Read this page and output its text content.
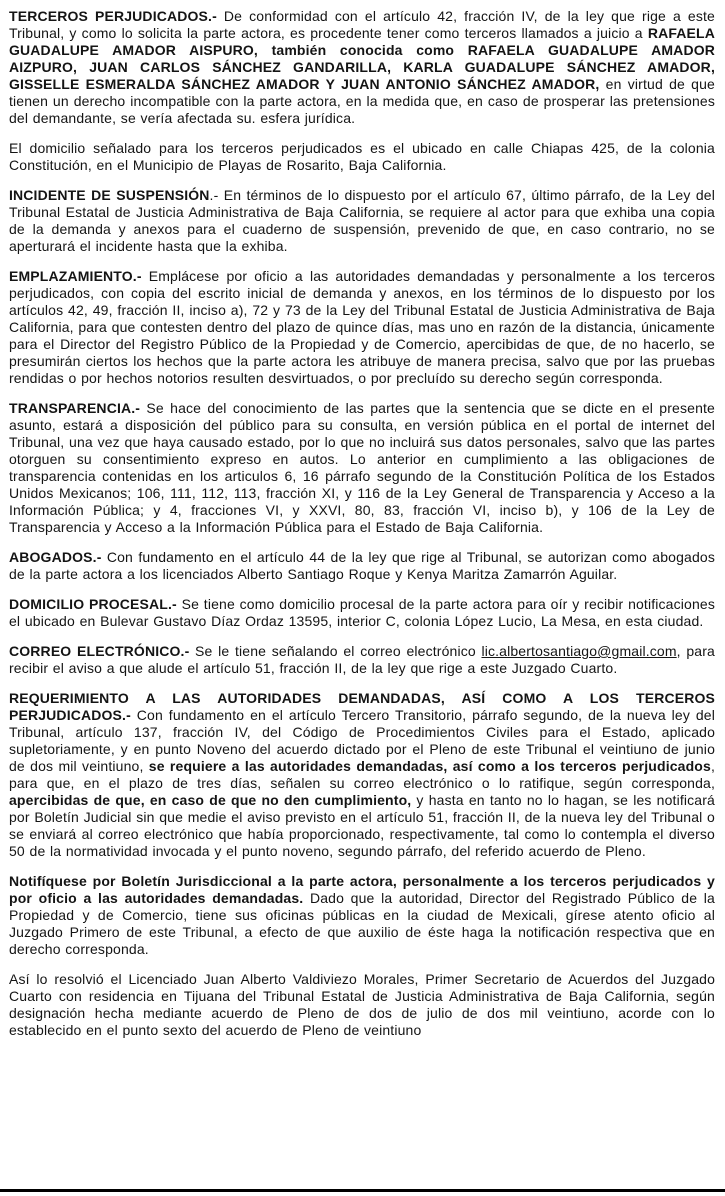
TERCEROS PERJUDICADOS.- De conformidad con el artículo 42, fracción IV, de la ley que rige a este Tribunal, y como lo solicita la parte actora, es procedente tener como terceros llamados a juicio a RAFAELA GUADALUPE AMADOR AISPURO, también conocida como RAFAELA GUADALUPE AMADOR AIZPURO, JUAN CARLOS SÁNCHEZ GANDARILLA, KARLA GUADALUPE SÁNCHEZ AMADOR, GISSELLE ESMERALDA SÁNCHEZ AMADOR Y JUAN ANTONIO SÁNCHEZ AMADOR, en virtud de que tienen un derecho incompatible con la parte actora, en la medida que, en caso de prosperar las pretensiones del demandante, se vería afectada su. esfera jurídica.

El domicilio señalado para los terceros perjudicados es el ubicado en calle Chiapas 425, de la colonia Constitución, en el Municipio de Playas de Rosarito, Baja California.

INCIDENTE DE SUSPENSIÓN.- En términos de lo dispuesto por el artículo 67, último párrafo, de la Ley del Tribunal Estatal de Justicia Administrativa de Baja California, se requiere al actor para que exhiba una copia de la demanda y anexos para el cuaderno de suspensión, prevenido de que, en caso contrario, no se aperturará el incidente hasta que la exhiba.

EMPLAZAMIENTO.- Emplácese por oficio a las autoridades demandadas y personalmente a los terceros perjudicados, con copia del escrito inicial de demanda y anexos, en los términos de lo dispuesto por los artículos 42, 49, fracción II, inciso a), 72 y 73 de la Ley del Tribunal Estatal de Justicia Administrativa de Baja California, para que contesten dentro del plazo de quince días, mas uno en razón de la distancia, únicamente para el Director del Registro Público de la Propiedad y de Comercio, apercibidas de que, de no hacerlo, se presumirán ciertos los hechos que la parte actora les atribuye de manera precisa, salvo que por las pruebas rendidas o por hechos notorios resulten desvirtuados, o por precluído su derecho según corresponda.

TRANSPARENCIA.- Se hace del conocimiento de las partes que la sentencia que se dicte en el presente asunto, estará a disposición del público para su consulta, en versión pública en el portal de internet del Tribunal, una vez que haya causado estado, por lo que no incluirá sus datos personales, salvo que las partes otorguen su consentimiento expreso en autos. Lo anterior en cumplimiento a las obligaciones de transparencia contenidas en los articulos 6, 16 párrafo segundo de la Constitución Política de los Estados Unidos Mexicanos; 106, 111, 112, 113, fracción XI, y 116 de la Ley General de Transparencia y Acceso a la Información Pública; y 4, fracciones VI, y XXVI, 80, 83, fracción VI, inciso b), y 106 de la Ley de Transparencia y Acceso a la Información Pública para el Estado de Baja California.

ABOGADOS.- Con fundamento en el artículo 44 de la ley que rige al Tribunal, se autorizan como abogados de la parte actora a los licenciados Alberto Santiago Roque y Kenya Maritza Zamarrón Aguilar.

DOMICILIO PROCESAL.- Se tiene como domicilio procesal de la parte actora para oír y recibir notificaciones el ubicado en Bulevar Gustavo Díaz Ordaz 13595, interior C, colonia López Lucio, La Mesa, en esta ciudad.

CORREO ELECTRÓNICO.- Se le tiene señalando el correo electrónico lic.albertosantiago@gmail.com, para recibir el aviso a que alude el artículo 51, fracción II, de la ley que rige a este Juzgado Cuarto.

REQUERIMIENTO A LAS AUTORIDADES DEMANDADAS, ASÍ COMO A LOS TERCEROS PERJUDICADOS.- Con fundamento en el artículo Tercero Transitorio, párrafo segundo, de la nueva ley del Tribunal, artículo 137, fracción IV, del Código de Procedimientos Civiles para el Estado, aplicado supletoriamente, y en punto Noveno del acuerdo dictado por el Pleno de este Tribunal el veintiuno de junio de dos mil veintiuno, se requiere a las autoridades demandadas, así como a los terceros perjudicados, para que, en el plazo de tres días, señalen su correo electrónico o lo ratifique, según corresponda, apercibidas de que, en caso de que no den cumplimiento, y hasta en tanto no lo hagan, se les notificará por Boletín Judicial sin que medie el aviso previsto en el artículo 51, fracción II, de la nueva ley del Tribunal o se enviará al correo electrónico que había proporcionado, respectivamente, tal como lo contempla el diverso 50 de la normatividad invocada y el punto noveno, segundo párrafo, del referido acuerdo de Pleno.

Notifíquese por Boletín Jurisdiccional a la parte actora, personalmente a los terceros perjudicados y por oficio a las autoridades demandadas. Dado que la autoridad, Director del Registrado Público de la Propiedad y de Comercio, tiene sus oficinas públicas en la ciudad de Mexicali, gírese atento oficio al Juzgado Primero de este Tribunal, a efecto de que auxilio de éste haga la notificación respectiva que en derecho corresponda.

Así lo resolvió el Licenciado Juan Alberto Valdiviezo Morales, Primer Secretario de Acuerdos del Juzgado Cuarto con residencia en Tijuana del Tribunal Estatal de Justicia Administrativa de Baja California, según designación hecha mediante acuerdo de Pleno de dos de julio de dos mil veintiuno, acorde con lo establecido en el punto sexto del acuerdo de Pleno de veintiuno
